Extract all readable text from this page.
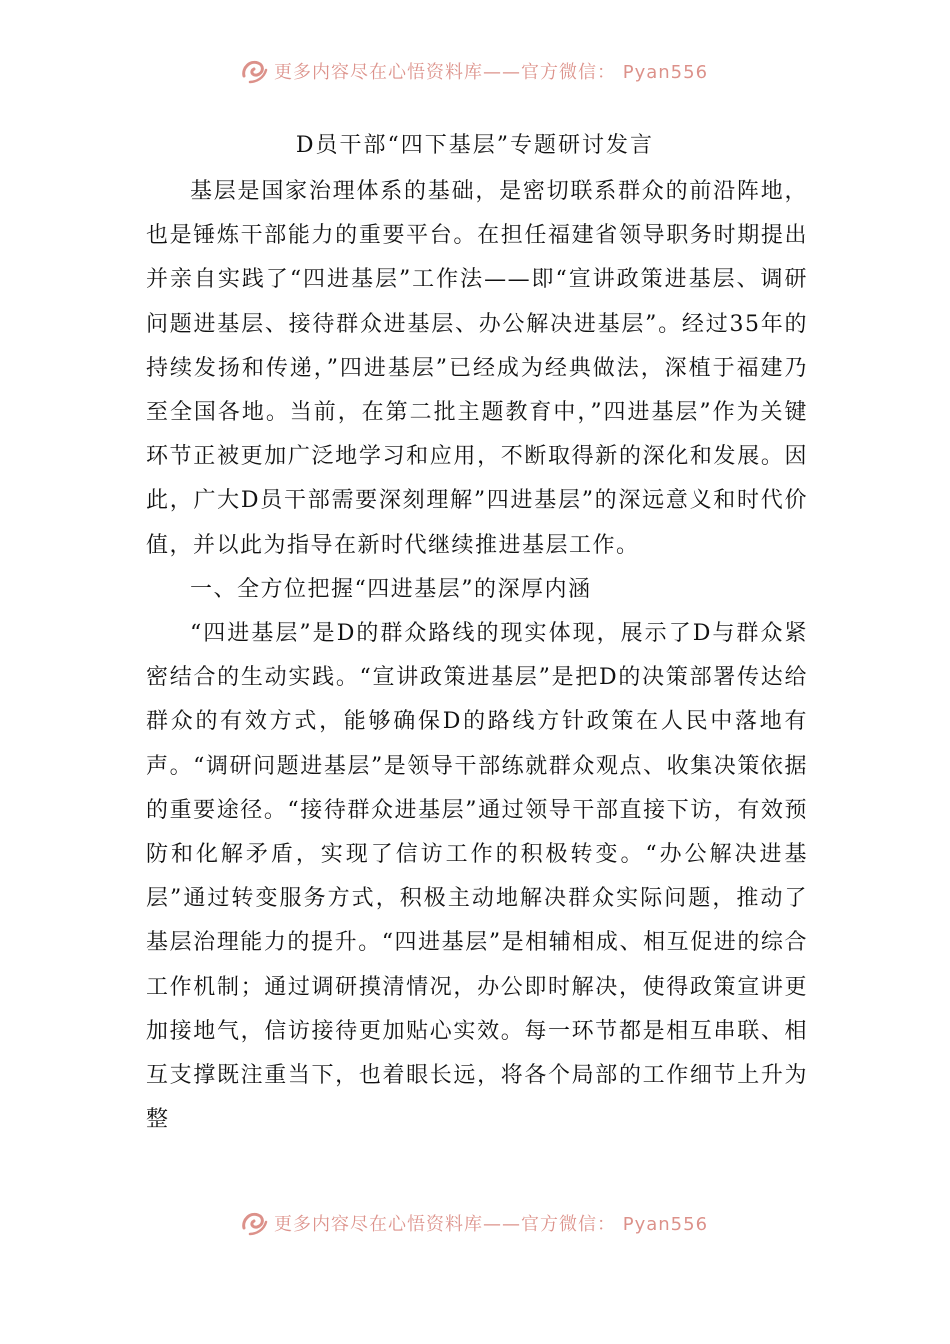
更多内容尽在心悟资料库——官方微信： Pyan556
D员干部“四下基层”专题研讨发言

基层是国家治理体系的基础，是密切联系群众的前沿阵地，也是锤炼干部能力的重要平台。在担任福建省领导职务时期提出并亲自实践了“四进基层”工作法——即“宣讲政策进基层、调研问题进基层、接待群众进基层、办公解决进基层”。经过35年的持续发扬和传递，”四进基层”已经成为经典做法，深植于福建乃至全国各地。当前，在第二批主题教育中，”四进基层”作为关键环节正被更加广泛地学习和应用，不断取得新的深化和发展。因此，广大D员干部需要深刻理解”四进基层”的深远意义和时代价值，并以此为指导在新时代继续推进基层工作。

一、全方位把握“四进基层”的深厚内涵

“四进基层”是D的群众路线的现实体现，展示了D与群众紧密结合的生动实践。“宣讲政策进基层”是把D的决策部署传达给群众的有效方式，能够确保D的路线方针政策在人民中落地有声。“调研问题进基层”是领导干部练就群众观点、收集决策依据的重要途径。“接待群众进基层”通过领导干部直接下访，有效预防和化解矛盾，实现了信访工作的积极转变。“办公解决进基层”通过转变服务方式，积极主动地解决群众实际问题，推动了基层治理能力的提升。“四进基层”是相辅相成、相互促进的综合工作机制；通过调研摸清情况，办公即时解决，使得政策宣讲更加接地气，信访接待更加贴心实效。每一环节都是相互串联、相互支撑既注重当下，也着眼长远，将各个局部的工作细节上升为整

更多内容尽在心悟资料库——官方微信： Pyan556
